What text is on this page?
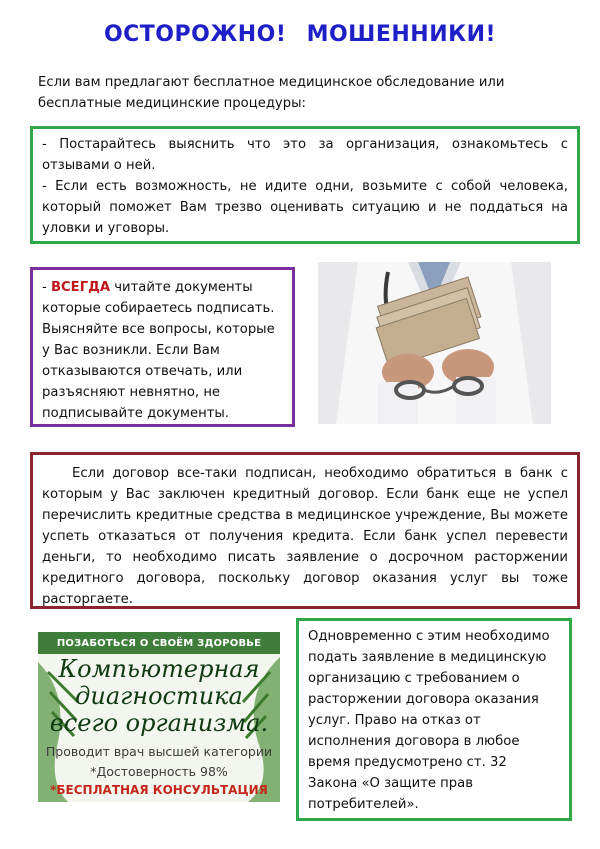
ОСТОРОЖНО! МОШЕННИКИ!
Если вам предлагают бесплатное медицинское обследование или бесплатные медицинские процедуры:

- Постарайтесь выяснить что это за организация, ознакомьтесь с отзывами о ней.

- Если есть возможность, не идите одни, возьмите с собой человека, который поможет Вам трезво оценивать ситуацию и не поддаться на уловки и уговоры.

- ВСЕГДА читайте документы которые собираетесь подписать. Выясняйте все вопросы, которые у Вас возникли. Если Вам отказываются отвечать, или разъясняют невнятно, не подписывайте документы.
Если договор все-таки подписан, необходимо обратиться в банк с которым у Вас заключен кредитный договор. Если банк еще не успел перечислить кредитные средства в медицинское учреждение, Вы можете успеть отказаться от получения кредита. Если банк успел перевести деньги, то необходимо писать заявление о досрочном расторжении кредитного договора, поскольку договор оказания услуг вы тоже расторгаете.
ПОЗАБОТЬСЯ О СВОЁМ ЗДОРОВЬЕ
Компьютерная
диагностика
всего организма.
Проводит врач высшей категории
*Достоверность 98%
*БЕСПЛАТНАЯ КОНСУЛЬТАЦИЯ
Одновременно с этим необходимо подать заявление в медицинскую организацию с требованием о расторжении договора оказания услуг. Право на отказ от исполнения договора в любое время предусмотрено ст. 32 Закона «О защите прав потребителей».
